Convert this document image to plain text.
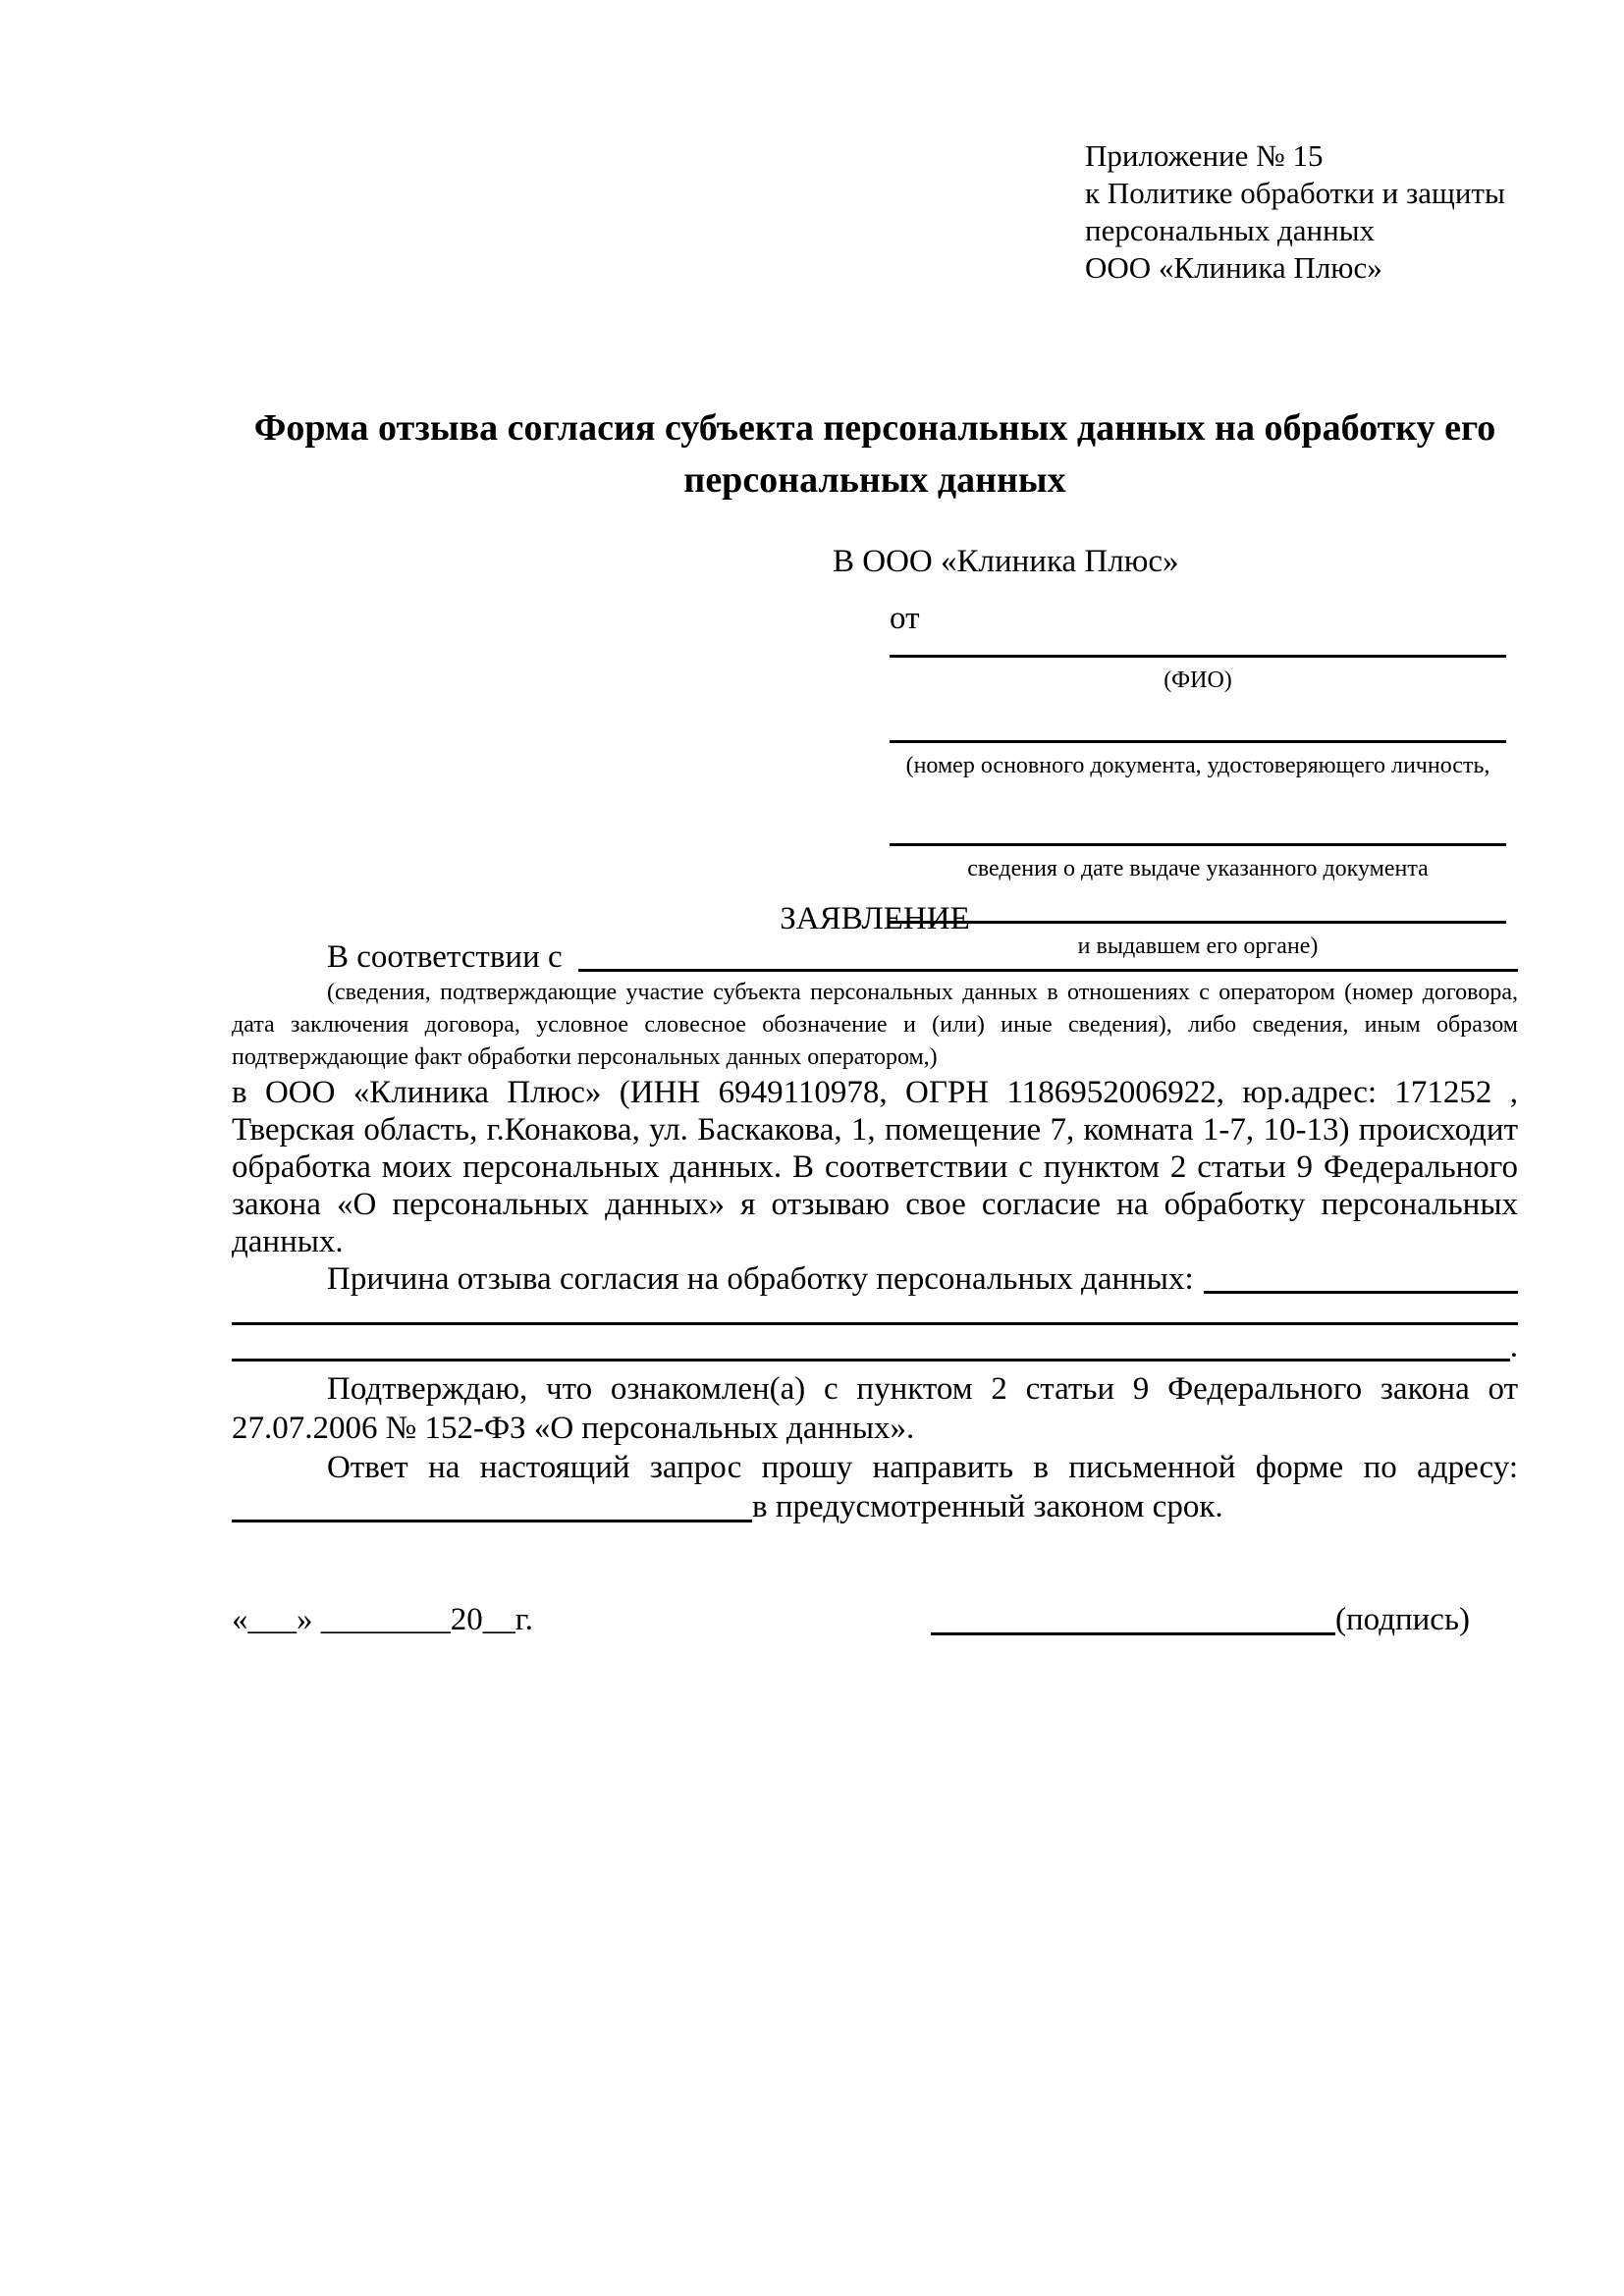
Приложение № 15
к Политике обработки и защиты
персональных данных
ООО «Клиника Плюс»
Форма отзыва согласия субъекта персональных данных на обработку его персональных данных
В ООО «Клиника Плюс»
от
(ФИО)
(номер основного документа, удостоверяющего личность,
сведения о дате выдаче указанного документа
и выдавшем его органе)
ЗАЯВЛЕНИЕ
В соответствии с

(сведения, подтверждающие участие субъекта персональных данных в отношениях с оператором (номер договора, дата заключения договора, условное словесное обозначение и (или) иные сведения), либо сведения, иным образом подтверждающие факт обработки персональных данных оператором,)

в ООО «Клиника Плюс» (ИНН 6949110978, ОГРН 1186952006922, юр.адрес: 171252 , Тверская область, г.Конакова, ул. Баскакова, 1, помещение 7, комната 1-7, 10-13) происходит обработка моих персональных данных. В соответствии с пунктом 2 статьи 9 Федерального закона «О персональных данных» я отзываю свое согласие на обработку персональных данных.

Причина отзыва согласия на обработку персональных данных:
.

Подтверждаю, что ознакомлен(а) с пунктом 2 статьи 9 Федерального закона от 27.07.2006 № 152-ФЗ «О персональных данных».

Ответ на настоящий запрос прошу направить в письменной форме по адресу:

в предусмотренный законом срок.
«___» ________20__г.	(подпись)
